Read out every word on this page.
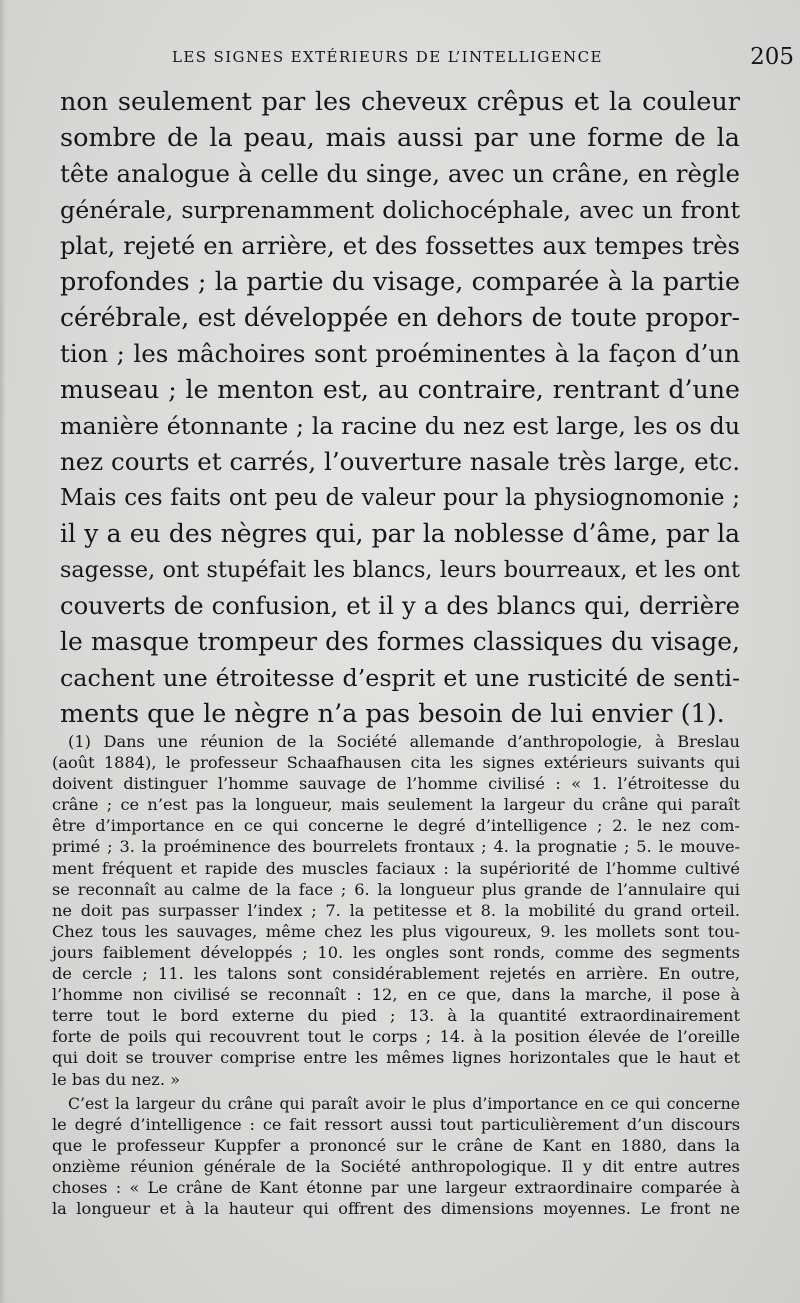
LES SIGNES EXTÉRIEURS DE L’INTELLIGENCE	205
non seulement par les cheveux crêpus et la couleur
sombre de la peau, mais aussi par une forme de la
tête analogue à celle du singe, avec un crâne, en règle
générale, surprenamment dolichocéphale, avec un front
plat, rejeté en arrière, et des fossettes aux tempes très
profondes ; la partie du visage, comparée à la partie
cérébrale, est développée en dehors de toute propor-
tion ; les mâchoires sont proéminentes à la façon d’un
museau ; le menton est, au contraire, rentrant d’une
manière étonnante ; la racine du nez est large, les os du
nez courts et carrés, l’ouverture nasale très large, etc.
Mais ces faits ont peu de valeur pour la physiognomonie ;
il y a eu des nègres qui, par la noblesse d’âme, par la
sagesse, ont stupéfait les blancs, leurs bourreaux, et les ont
couverts de confusion, et il y a des blancs qui, derrière
le masque trompeur des formes classiques du visage,
cachent une étroitesse d’esprit et une rusticité de senti-
ments que le nègre n’a pas besoin de lui envier (1).
(1) Dans une réunion de la Société allemande d’anthropologie, à Breslau
(août 1884), le professeur Schaafhausen cita les signes extérieurs suivants qui
doivent distinguer l’homme sauvage de l’homme civilisé : « 1. l’étroitesse du
crâne ; ce n’est pas la longueur, mais seulement la largeur du crâne qui paraît
être d’importance en ce qui concerne le degré d’intelligence ; 2. le nez com-
primé ; 3. la proéminence des bourrelets frontaux ; 4. la prognatie ; 5. le mouve-
ment fréquent et rapide des muscles faciaux : la supériorité de l’homme cultivé
se reconnaît au calme de la face ; 6. la longueur plus grande de l’annulaire qui
ne doit pas surpasser l’index ; 7. la petitesse et 8. la mobilité du grand orteil.
Chez tous les sauvages, même chez les plus vigoureux, 9. les mollets sont tou-
jours faiblement développés ; 10. les ongles sont ronds, comme des segments
de cercle ; 11. les talons sont considérablement rejetés en arrière. En outre,
l’homme non civilisé se reconnaît : 12, en ce que, dans la marche, il pose à
terre tout le bord externe du pied ; 13. à la quantité extraordinairement
forte de poils qui recouvrent tout le corps ; 14. à la position élevée de l’oreille
qui doit se trouver comprise entre les mêmes lignes horizontales que le haut et
le bas du nez. »
C’est la largeur du crâne qui paraît avoir le plus d’importance en ce qui concerne
le degré d’intelligence : ce fait ressort aussi tout particulièrement d’un discours
que le professeur Kuppfer a prononcé sur le crâne de Kant en 1880, dans la
onzième réunion générale de la Société anthropologique. Il y dit entre autres
choses : « Le crâne de Kant étonne par une largeur extraordinaire comparée à
la longueur et à la hauteur qui offrent des dimensions moyennes. Le front ne
